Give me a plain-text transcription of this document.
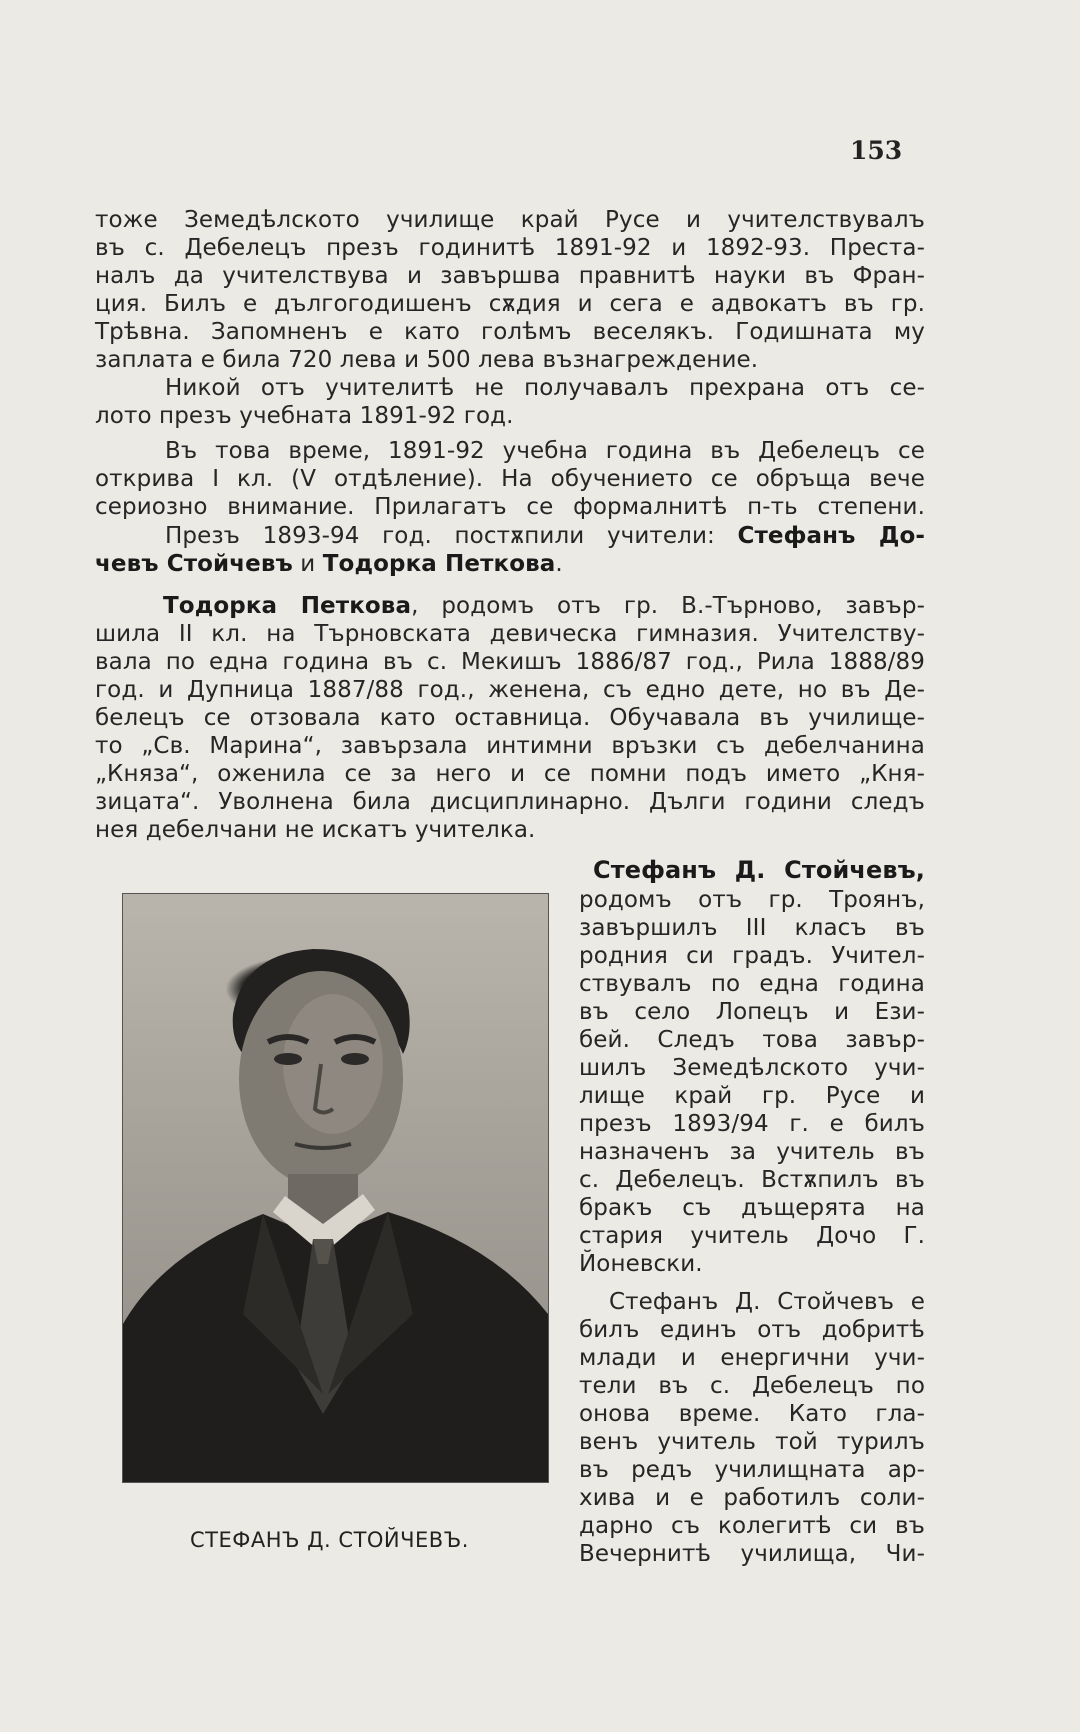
153
тоже Земедѣлското училище край Русе и учителствувалъ
въ с. Дебелецъ презъ годинитѣ 1891-92 и 1892-93. Преста-
налъ да учителствува и завършва правнитѣ науки въ Фран-
ция. Билъ е дългогодишенъ сѫдия и сега е адвокатъ въ гр.
Трѣвна. Запомненъ е като голѣмъ веселякъ. Годишната му
заплата е била 720 лева и 500 лева възнагреждение.
Никой отъ учителитѣ не получавалъ прехрана отъ се-
лото презъ учебната 1891-92 год.
Въ това време, 1891-92 учебна година въ Дебелецъ се
открива I кл. (V отдѣление). На обучението се обръща вече
сериозно внимание. Прилагатъ се формалнитѣ п-ть степени.
Презъ 1893-94 год. постѫпили учители: Стефанъ До-
чевъ Стойчевъ и Тодорка Петкова.
Тодорка Петкова, родомъ отъ гр. В.-Търново, завър-
шила II кл. на Търновската девическа гимназия. Учителству-
вала по една година въ с. Мекишъ 1886/87 год., Рила 1888/89
год. и Дупница 1887/88 год., женена, съ едно дете, но въ Де-
белецъ се отзовала като оставница. Обучавала въ училище-
то „Св. Марина“, завързала интимни връзки съ дебелчанина
„Княза“, оженила се за него и се помни подъ името „Кня-
зицата“. Уволнена била дисциплинарно. Дълги години следъ
нея дебелчани не искатъ учителка.
Стефанъ Д. Стойчевъ,
родомъ отъ гр. Троянъ,
завършилъ III класъ въ
родния си градъ. Учител-
ствувалъ по една година
въ село Лопецъ и Ези-
бей. Следъ това завър-
шилъ Земедѣлското учи-
лище край гр. Русе и
презъ 1893/94 г. е билъ
назначенъ за учитель въ
с. Дебелецъ. Встѫпилъ въ
бракъ съ дъщерята на
стария учитель Дочо Г.
Йоневски.
Стефанъ Д. Стойчевъ е
билъ единъ отъ добритѣ
млади и енергични учи-
тели въ с. Дебелецъ по
онова време. Като гла-
венъ учитель той турилъ
въ редъ училищната ар-
хива и е работилъ соли-
дарно съ колегитѣ си въ
Вечернитѣ училища, Чи-
СТЕФАНЪ Д. СТОЙЧЕВЪ.
